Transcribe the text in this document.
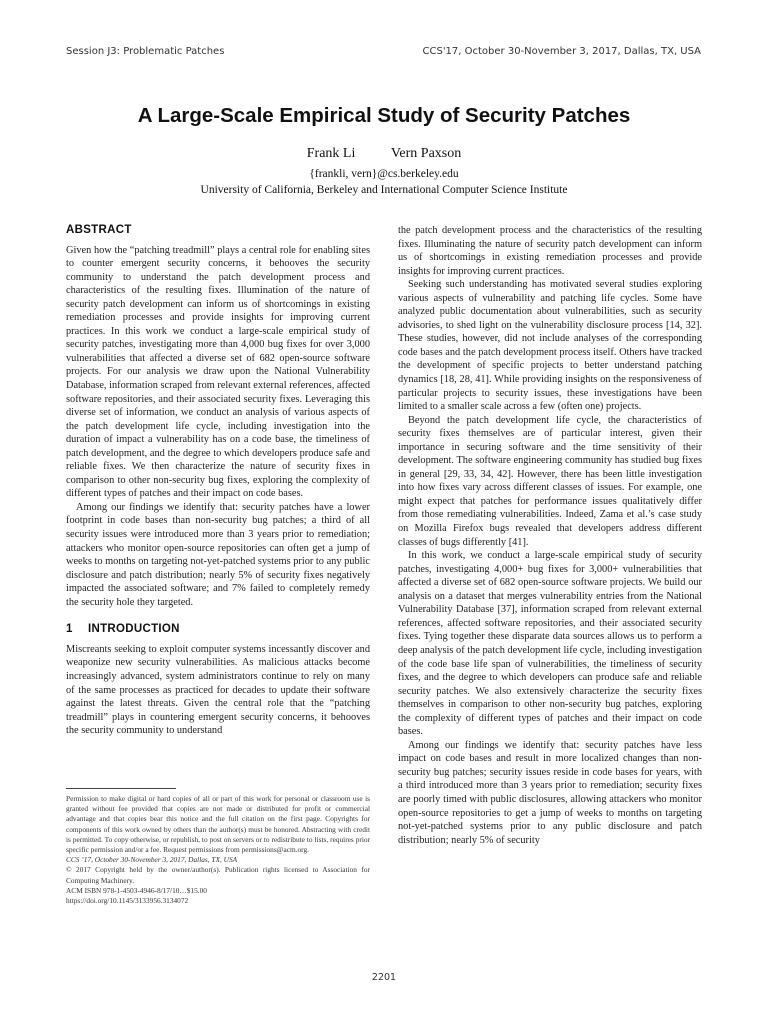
Session J3: Problematic Patches	CCS'17, October 30-November 3, 2017, Dallas, TX, USA
A Large-Scale Empirical Study of Security Patches
Frank Li	Vern Paxson
{frankli, vern}@cs.berkeley.edu
University of California, Berkeley and International Computer Science Institute
ABSTRACT

Given how the “patching treadmill” plays a central role for enabling sites to counter emergent security concerns, it behooves the security community to understand the patch development process and characteristics of the resulting fixes. Illumination of the nature of security patch development can inform us of shortcomings in existing remediation processes and provide insights for improving current practices. In this work we conduct a large-scale empirical study of security patches, investigating more than 4,000 bug fixes for over 3,000 vulnerabilities that affected a diverse set of 682 open-source software projects. For our analysis we draw upon the National Vulnerability Database, information scraped from relevant external references, affected software repositories, and their associated security fixes. Leveraging this diverse set of information, we conduct an analysis of various aspects of the patch development life cycle, including investigation into the duration of impact a vulnerability has on a code base, the timeliness of patch development, and the degree to which developers produce safe and reliable fixes. We then characterize the nature of security fixes in comparison to other non-security bug fixes, exploring the complexity of different types of patches and their impact on code bases.

Among our findings we identify that: security patches have a lower footprint in code bases than non-security bug patches; a third of all security issues were introduced more than 3 years prior to remediation; attackers who monitor open-source repositories can often get a jump of weeks to months on targeting not-yet-patched systems prior to any public disclosure and patch distribution; nearly 5% of security fixes negatively impacted the associated software; and 7% failed to completely remedy the security hole they targeted.

1 INTRODUCTION

Miscreants seeking to exploit computer systems incessantly discover and weaponize new security vulnerabilities. As malicious attacks become increasingly advanced, system administrators continue to rely on many of the same processes as practiced for decades to update their software against the latest threats. Given the central role that the “patching treadmill” plays in countering emergent security concerns, it behooves the security community to understand

the patch development process and the characteristics of the resulting fixes. Illuminating the nature of security patch development can inform us of shortcomings in existing remediation processes and provide insights for improving current practices.

Seeking such understanding has motivated several studies exploring various aspects of vulnerability and patching life cycles. Some have analyzed public documentation about vulnerabilities, such as security advisories, to shed light on the vulnerability disclosure process [14, 32]. These studies, however, did not include analyses of the corresponding code bases and the patch development process itself. Others have tracked the development of specific projects to better understand patching dynamics [18, 28, 41]. While providing insights on the responsiveness of particular projects to security issues, these investigations have been limited to a smaller scale across a few (often one) projects.

Beyond the patch development life cycle, the characteristics of security fixes themselves are of particular interest, given their importance in securing software and the time sensitivity of their development. The software engineering community has studied bug fixes in general [29, 33, 34, 42]. However, there has been little investigation into how fixes vary across different classes of issues. For example, one might expect that patches for performance issues qualitatively differ from those remediating vulnerabilities. Indeed, Zama et al.’s case study on Mozilla Firefox bugs revealed that developers address different classes of bugs differently [41].

In this work, we conduct a large-scale empirical study of security patches, investigating 4,000+ bug fixes for 3,000+ vulnerabilities that affected a diverse set of 682 open-source software projects. We build our analysis on a dataset that merges vulnerability entries from the National Vulnerability Database [37], information scraped from relevant external references, affected software repositories, and their associated security fixes. Tying together these disparate data sources allows us to perform a deep analysis of the patch development life cycle, including investigation of the code base life span of vulnerabilities, the timeliness of security fixes, and the degree to which developers can produce safe and reliable security patches. We also extensively characterize the security fixes themselves in comparison to other non-security bug patches, exploring the complexity of different types of patches and their impact on code bases.

Among our findings we identify that: security patches have less impact on code bases and result in more localized changes than non-security bug patches; security issues reside in code bases for years, with a third introduced more than 3 years prior to remediation; security fixes are poorly timed with public disclosures, allowing attackers who monitor open-source repositories to get a jump of weeks to months on targeting not-yet-patched systems prior to any public disclosure and patch distribution; nearly 5% of security

Permission to make digital or hard copies of all or part of this work for personal or classroom use is granted without fee provided that copies are not made or distributed for profit or commercial advantage and that copies bear this notice and the full citation on the first page. Copyrights for components of this work owned by others than the author(s) must be honored. Abstracting with credit is permitted. To copy otherwise, or republish, to post on servers or to redistribute to lists, requires prior specific permission and/or a fee. Request permissions from permissions@acm.org.

CCS ’17, October 30-November 3, 2017, Dallas, TX, USA

© 2017 Copyright held by the owner/author(s). Publication rights licensed to Association for Computing Machinery.

ACM ISBN 978-1-4503-4946-8/17/10…$15.00

https://doi.org/10.1145/3133956.3134072

2201
